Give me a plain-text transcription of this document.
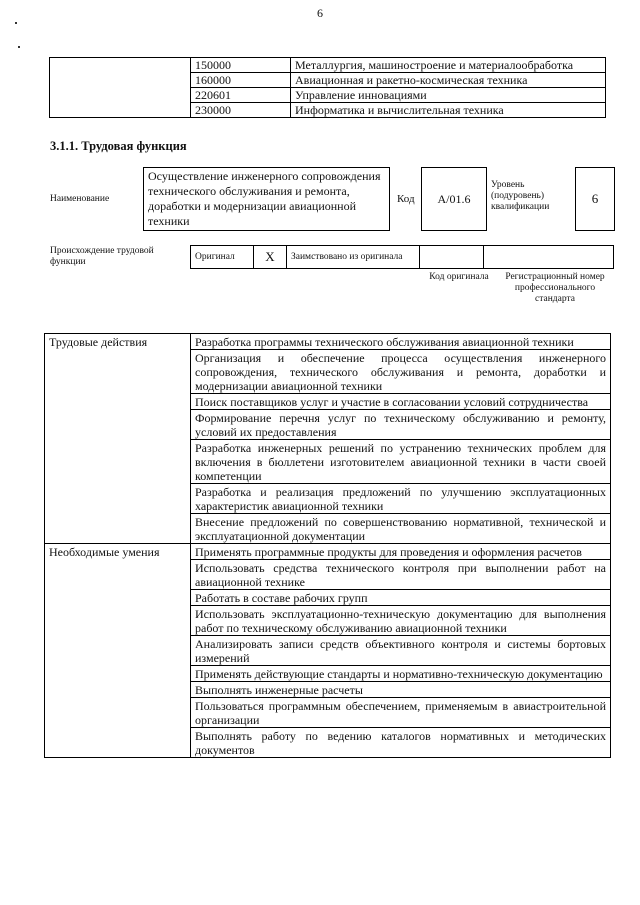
6
	150000	Металлургия, машиностроение и материалообработка
	160000	Авиационная и ракетно-космическая техника
	220601	Управление инновациями
	230000	Информатика и вычислительная техника
3.1.1. Трудовая функция
Наименование
Осуществление инженерного сопровождения технического обслуживания и ремонта, доработки и модернизации авиационной техники
Код	А/01.6
Уровень (подуровень) квалификации
6
Происхождение трудовой функции	Оригинал	X	Заимствовано из оригинала		
Код оригинала	Регистрационный номер профессионального стандарта
Трудовые действия	Разработка программы технического обслуживания авиационной техники
	Организация и обеспечение процесса осуществления инженерного сопровождения, технического обслуживания и ремонта, доработки и модернизации авиационной техники
	Поиск поставщиков услуг и участие в согласовании условий сотрудничества
	Формирование перечня услуг по техническому обслуживанию и ремонту, условий их предоставления
	Разработка инженерных решений по устранению технических проблем для включения в бюллетени изготовителем авиационной техники в части своей компетенции
	Разработка и реализация предложений по улучшению эксплуатационных характеристик авиационной техники
	Внесение предложений по совершенствованию нормативной, технической и эксплуатационной документации
Необходимые умения	Применять программные продукты для проведения и оформления расчетов
	Использовать средства технического контроля при выполнении работ на авиационной технике
	Работать в составе рабочих групп
	Использовать эксплуатационно-техническую документацию для выполнения работ по техническому обслуживанию авиационной техники
	Анализировать записи средств объективного контроля и системы бортовых измерений
	Применять действующие стандарты и нормативно-техническую документацию
	Выполнять инженерные расчеты
	Пользоваться программным обеспечением, применяемым в авиастроительной организации
	Выполнять работу по ведению каталогов нормативных и методических документов
